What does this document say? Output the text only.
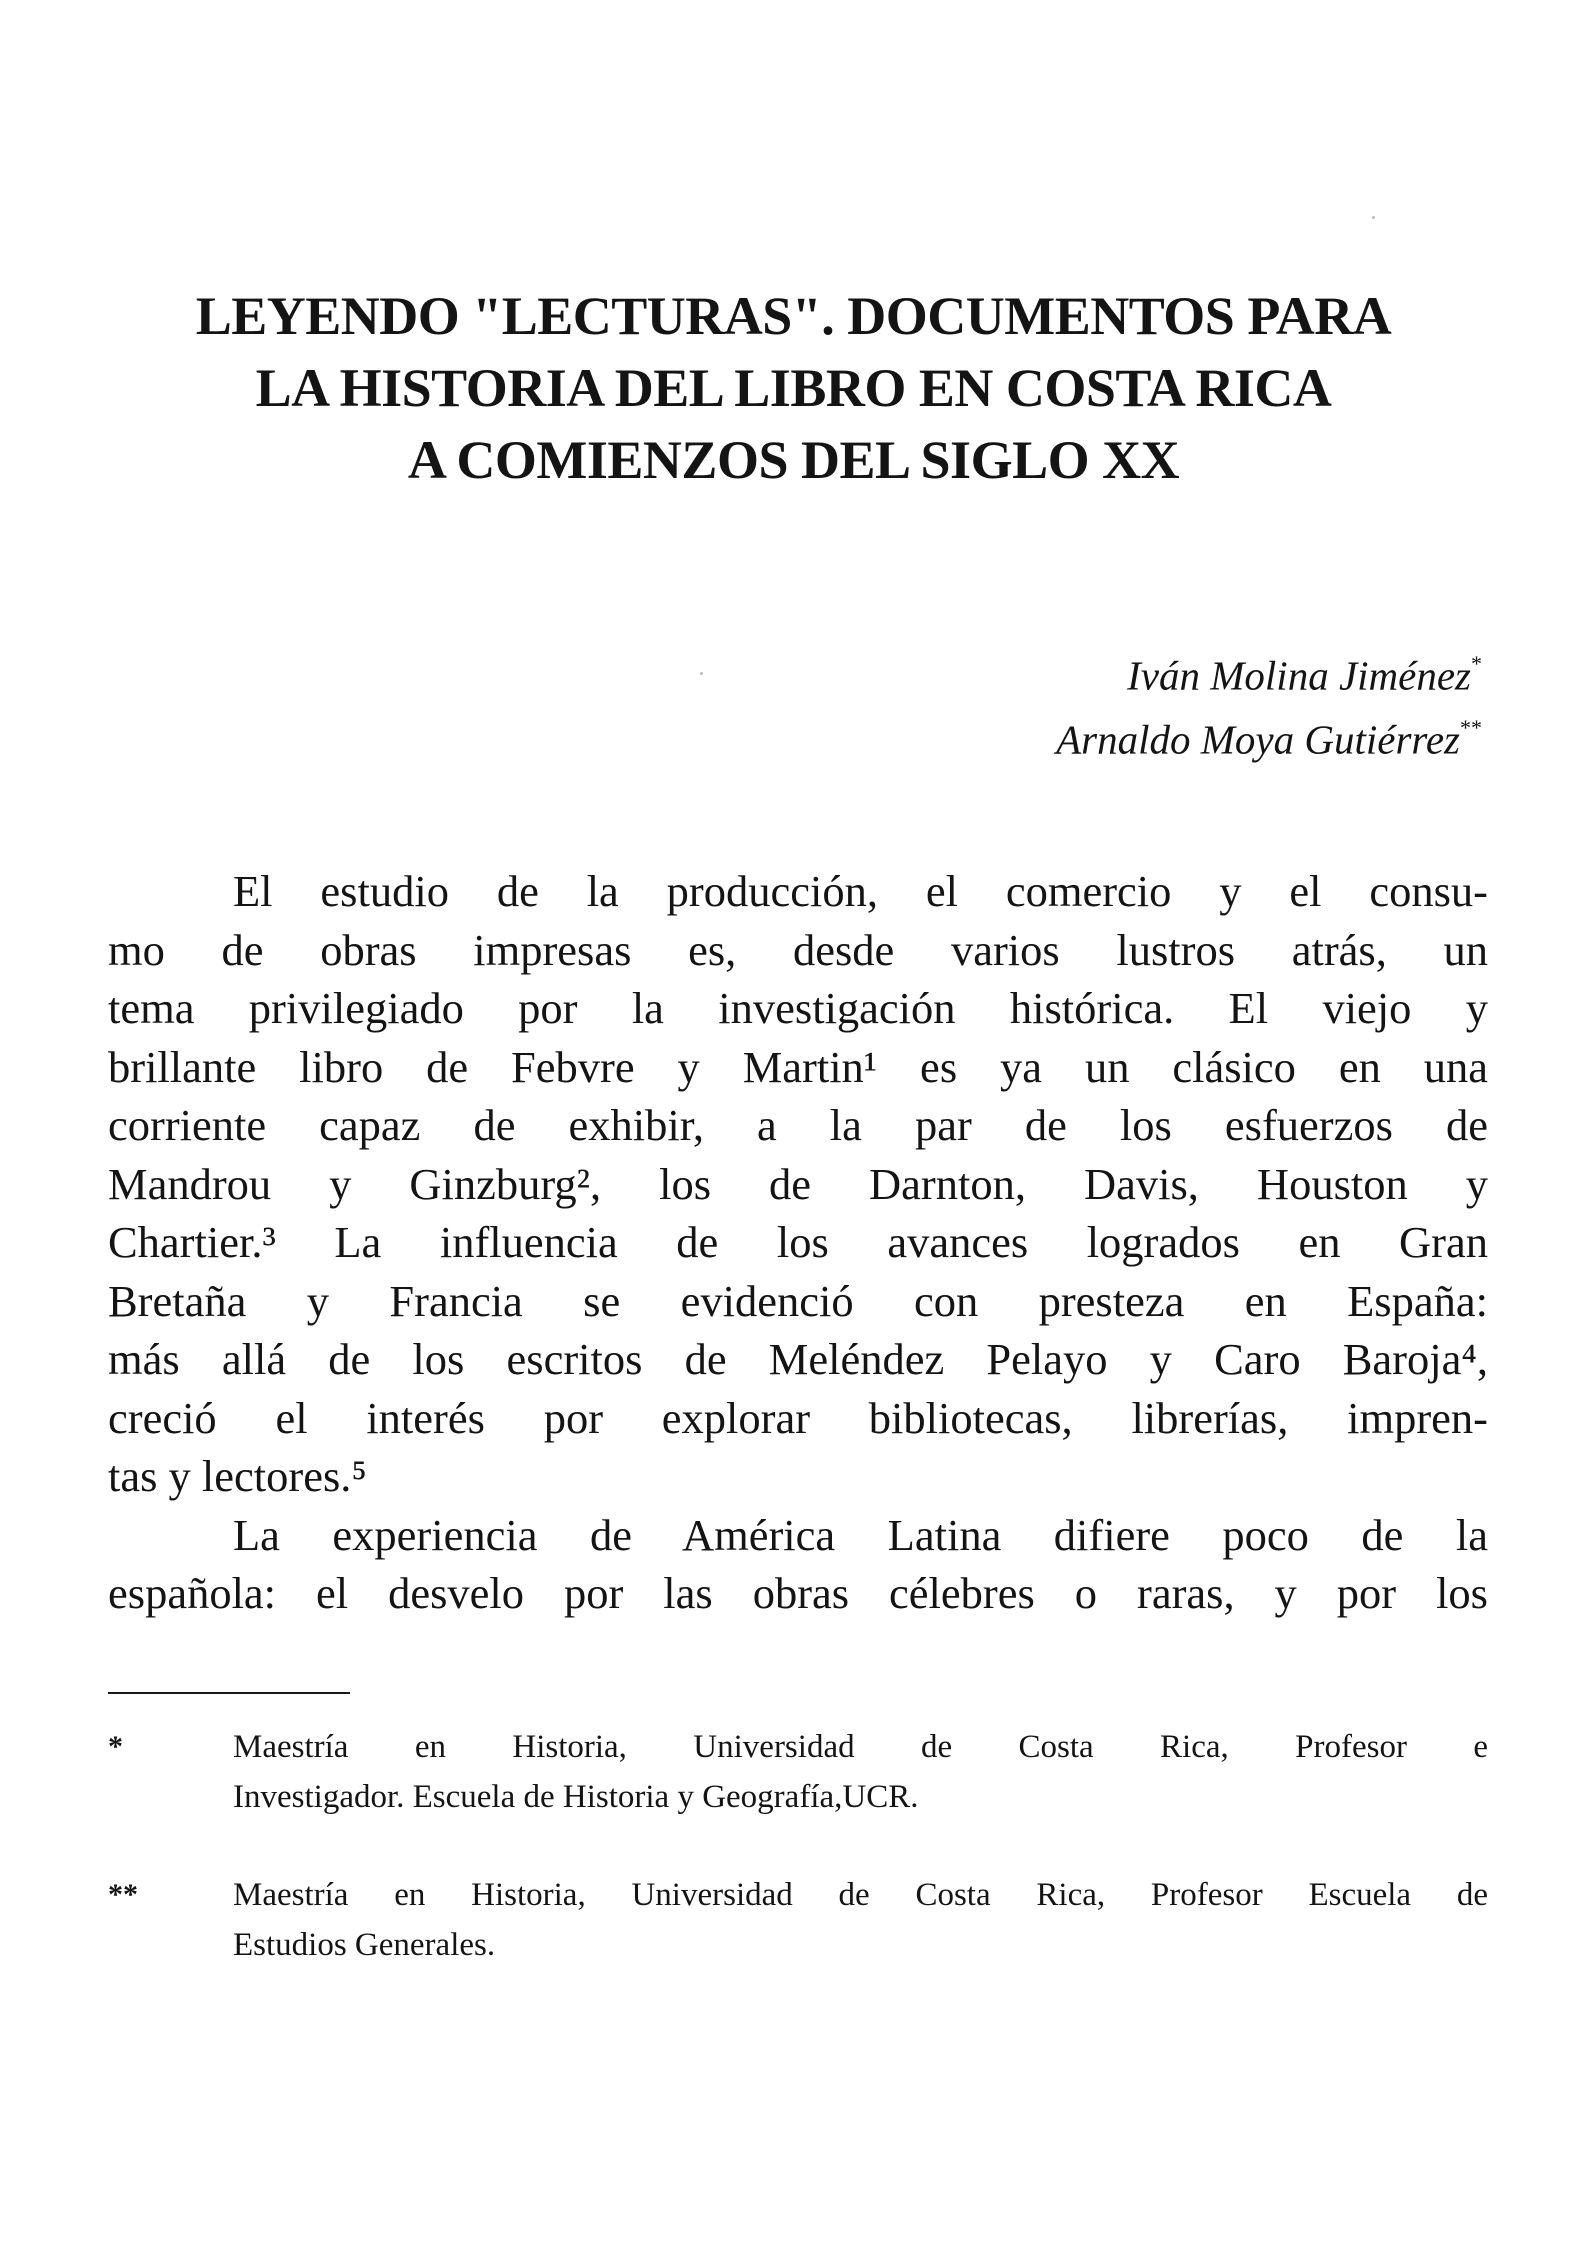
LEYENDO "LECTURAS". DOCUMENTOS PARA
LA HISTORIA DEL LIBRO EN COSTA RICA
A COMIENZOS DEL SIGLO XX
Iván Molina Jiménez*
Arnaldo Moya Gutiérrez**
El estudio de la producción, el comercio y el consu-
mo de obras impresas es, desde varios lustros atrás, un
tema privilegiado por la investigación histórica. El viejo y
brillante libro de Febvre y Martin¹ es ya un clásico en una
corriente capaz de exhibir, a la par de los esfuerzos de
Mandrou y Ginzburg², los de Darnton, Davis, Houston y
Chartier.³ La influencia de los avances logrados en Gran
Bretaña y Francia se evidenció con presteza en España:
más allá de los escritos de Meléndez Pelayo y Caro Baroja⁴,
creció el interés por explorar bibliotecas, librerías, impren-
tas y lectores.⁵
La experiencia de América Latina difiere poco de la
española: el desvelo por las obras célebres o raras, y por los
*	Maestría en Historia, Universidad de Costa Rica, Profesor e
Investigador. Escuela de Historia y Geografía,UCR.
**	Maestría en Historia, Universidad de Costa Rica, Profesor Escuela de
Estudios Generales.
